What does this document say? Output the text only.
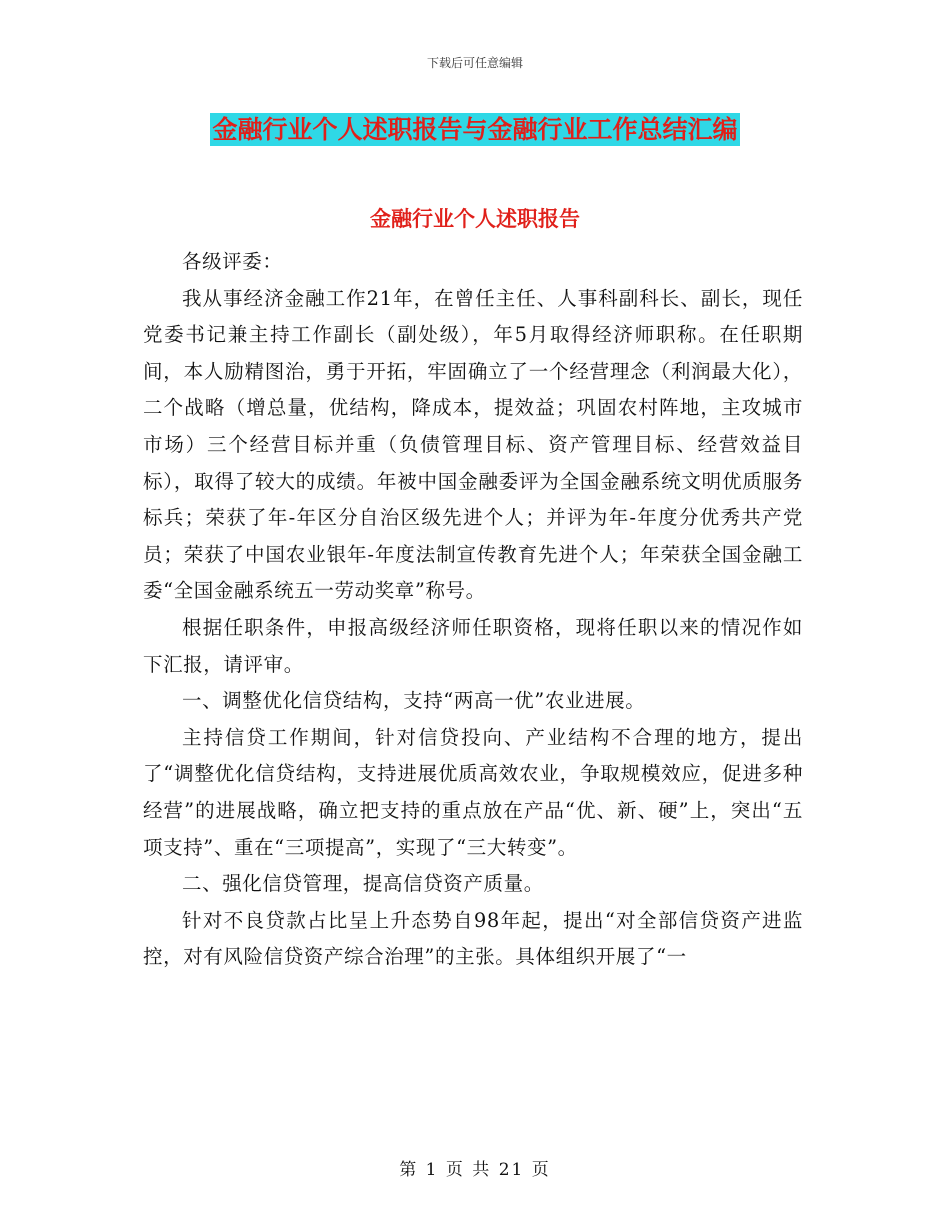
下载后可任意编辑
金融行业个人述职报告与金融行业工作总结汇编
金融行业个人述职报告

各级评委：

我从事经济金融工作21年，在曾任主任、人事科副科长、副长，现任党委书记兼主持工作副长（副处级），年5月取得经济师职称。在任职期间，本人励精图治，勇于开拓，牢固确立了一个经营理念（利润最大化），二个战略（增总量，优结构，降成本，提效益；巩固农村阵地，主攻城市市场）三个经营目标并重（负债管理目标、资产管理目标、经营效益目标），取得了较大的成绩。年被中国金融委评为全国金融系统文明优质服务标兵；荣获了年-年区分自治区级先进个人；并评为年-年度分优秀共产党员；荣获了中国农业银年-年度法制宣传教育先进个人；年荣获全国金融工委“全国金融系统五一劳动奖章”称号。

根据任职条件，申报高级经济师任职资格，现将任职以来的情况作如下汇报，请评审。

一、调整优化信贷结构，支持“两高一优”农业进展。

主持信贷工作期间，针对信贷投向、产业结构不合理的地方，提出了“调整优化信贷结构，支持进展优质高效农业，争取规模效应，促进多种经营”的进展战略，确立把支持的重点放在产品“优、新、硬”上，突出“五项支持”、重在“三项提高”，实现了“三大转变”。

二、强化信贷管理，提高信贷资产质量。

针对不良贷款占比呈上升态势自98年起，提出“对全部信贷资产进监控，对有风险信贷资产综合治理”的主张。具体组织开展了“一

第 1 页 共 21 页
